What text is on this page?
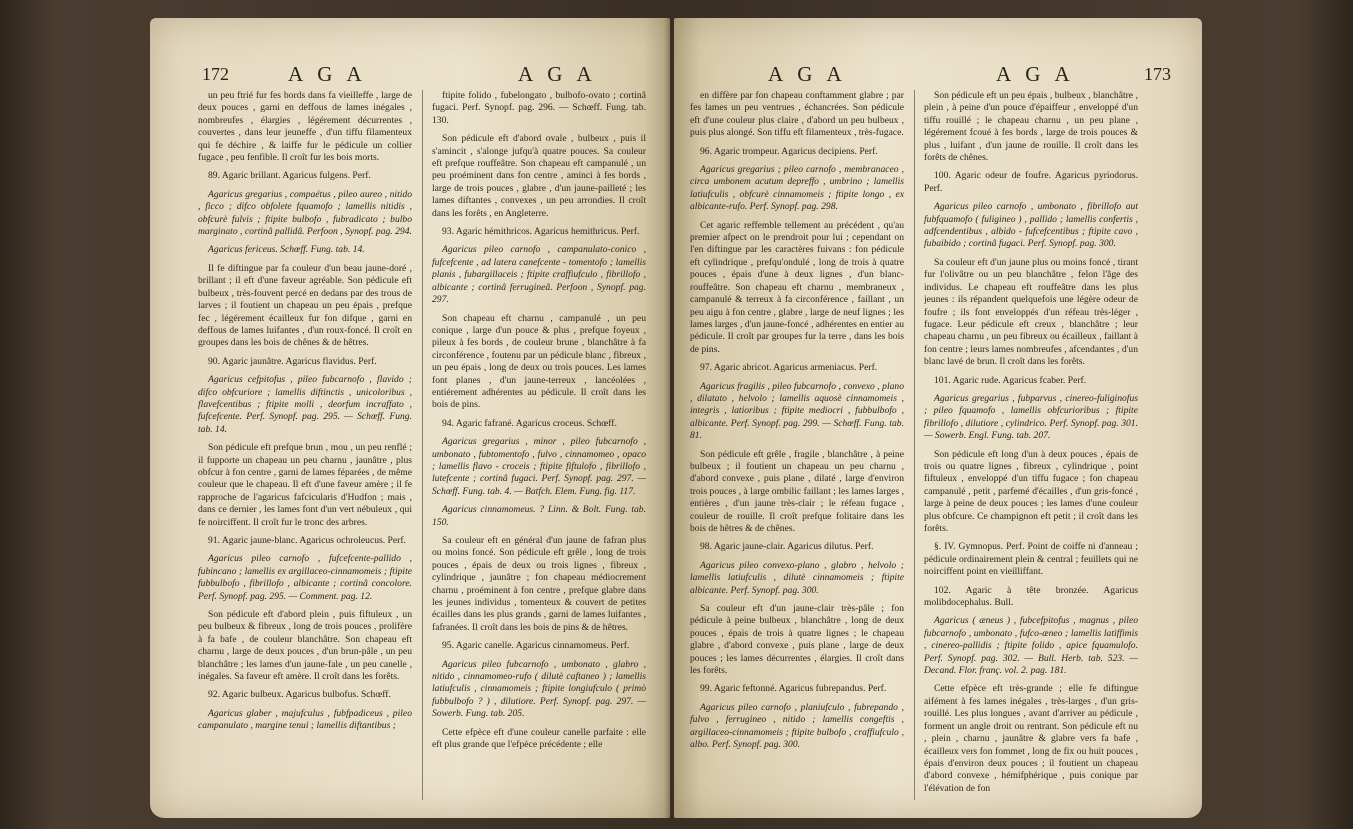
172	A G A	A G A

un peu ftrié fur fes bords dans fa vieilleffe , large de deux pouces , garni en deffous de lames inégales , nombreufes , élargies , légérement décurrentes , couvertes , dans leur jeuneffe , d'un tiffu filamenteux qui fe déchire , & laiffe fur le pédicule un collier fugace , peu fenfible. Il croît fur les bois morts.

89. Agaric brillant. Agaricus fulgens. Perf.

Agaricus gregarius , compaétus , pileo aureo , nitido , ficco ; difco obfolete fquamofo ; lamellis nitidis , obfcurè fulvis ; ftipite bulbofo , fubradicato ; bulbo marginato , cortinâ pallidâ. Perfoon , Synopf. pag. 294.

Agaricus fericeus. Schœff. Fung. tab. 14.

Il fe diftingue par fa couleur d'un beau jaune-doré , brillant ; il eft d'une faveur agréable. Son pédicule eft bulbeux , très-fouvent percé en dedans par des trous de larves ; il foutient un chapeau un peu épais , prefque fec , légérement écailleux fur fon difque , garni en deffous de lames luifantes , d'un roux-foncé. Il croît en groupes dans les bois de chênes & de hêtres.

90. Agaric jaunâtre. Agaricus flavidus. Perf.

Agaricus cefpitofus , pileo fubcarnofo , flavido ; difco obfcuriore ; lamellis diftinctis , unicoloribus , flavefcentibus ; ftipite molli , deorfum incraffato , fufcefcente. Perf. Synopf. pag. 295. — Schœff. Fung. tab. 14.

Son pédicule eft prefque brun , mou , un peu renflé ; il fupporte un chapeau un peu charnu , jaunâtre , plus obfcur à fon centre , garni de lames féparées , de même couleur que le chapeau. Il eft d'une faveur amère ; il fe rapproche de l'agaricus fafcicularis d'Hudfon ; mais , dans ce dernier , les lames font d'un vert nébuleux , qui fe noirciffent. Il croît fur le tronc des arbres.

91. Agaric jaune-blanc. Agaricus ochroleucus. Perf.

Agaricus pileo carnofo , fufcefcente-pallido , fubincano ; lamellis ex argillaceo-cinnamomeis ; ftipite fubbulbofo , fibrillofo , albicante ; cortinâ concolore. Perf. Synopf. pag. 295. — Comment. pag. 12.

Son pédicule eft d'abord plein , puis fiftuleux , un peu bulbeux & fibreux , long de trois pouces , prolifère à fa bafe , de couleur blanchâtre. Son chapeau eft charnu , large de deux pouces , d'un brun-pâle , un peu blanchâtre ; les lames d'un jaune-fale , un peu canelle , inégales. Sa faveur eft amère. Il croît dans les forêts.

92. Agaric bulbeux. Agaricus bulbofus. Schœff.

Agaricus glaber , majufculus , fubfpadiceus , pileo campanulato , margine tenui ; lamellis diftantibus ;

ftipite folido , fubelongato , bulbofo-ovato ; cortinâ fugaci. Perf. Synopf. pag. 296. — Schœff. Fung. tab. 130.

Son pédicule eft d'abord ovale , bulbeux , puis il s'amincit , s'alonge jufqu'à quatre pouces. Sa couleur eft prefque rouffeâtre. Son chapeau eft campanulé , un peu proéminent dans fon centre , aminci à fes bords , large de trois pouces , glabre , d'un jaune-pailleté ; les lames diftantes , convexes , un peu arrondies. Il croît dans les forêts , en Angleterre.

93. Agaric hémithricos. Agaricus hemithricus. Perf.

Agaricus pileo carnofo , campanulato-conico , fufcefcente , ad latera canefcente - tomentofo ; lamellis planis , fubargillaceis ; ftipite craffiufculo , fibrillofo , albicante ; cortinâ ferrugineâ. Perfoon , Synopf. pag. 297.

Son chapeau eft charnu , campanulé , un peu conique , large d'un pouce & plus , prefque foyeux , pileux à fes bords , de couleur brune , blanchâtre à fa circonférence , foutenu par un pédicule blanc , fibreux , un peu épais , long de deux ou trois pouces. Les lames font planes , d'un jaune-terreux , lancéolées , entiérement adhérentes au pédicule. Il croît dans les bois de pins.

94. Agaric fafrané. Agaricus croceus. Schœff.

Agaricus gregarius , minor , pileo fubcarnofo , umbonato , fubtomentofo , fulvo , cinnamomeo , opaco ; lamellis flavo - croceis ; ftipite fiftulofo , fibrillofo , lutefcente ; cortinâ fugaci. Perf. Synopf. pag. 297. — Schœff. Fung. tab. 4. — Batfch. Elem. Fung. fig. 117.

Agaricus cinnamomeus. ? Linn. & Bolt. Fung. tab. 150.

Sa couleur eft en général d'un jaune de fafran plus ou moins foncé. Son pédicule eft grêle , long de trois pouces , épais de deux ou trois lignes , fibreux , cylindrique , jaunâtre ; fon chapeau médiocrement charnu , proéminent à fon centre , prefque glabre dans les jeunes individus , tomenteux & couvert de petites écailles dans les plus grands , garni de lames luifantes , fafranées. Il croît dans les bois de pins & de hêtres.

95. Agaric canelle. Agaricus cinnamomeus. Perf.

Agaricus pileo fubcarnofo , umbonato , glabro , nitido , cinnamomeo-rufo ( dilutè caftaneo ) ; lamellis latiufculis , cinnamomeis ; ftipite longiufculo ( primò fubbulbofo ? ) , dilutiore. Perf. Synopf. pag. 297. — Sowerb. Fung. tab. 205.

Cette efpèce eft d'une couleur canelle parfaite : elle eft plus grande que l'efpèce précédente ; elle

A G A	A G A	173

en diffère par fon chapeau conftamment glabre ; par fes lames un peu ventrues , échancrées. Son pédicule eft d'une couleur plus claire , d'abord un peu bulbeux , puis plus alongé. Son tiffu eft filamenteux , très-fugace.

96. Agaric trompeur. Agaricus decipiens. Perf.

Agaricus gregarius ; pileo carnofo , membranaceo , circa umbonem acutum depreffo , umbrino ; lamellis latiufculis , obfcurè cinnamomeis ; ftipite longo , ex albicante-rufo. Perf. Synopf. pag. 298.

Cet agaric reffemble tellement au précédent , qu'au premier afpect on le prendroit pour lui ; cependant on l'en diftingue par les caractères fuivans : fon pédicule eft cylindrique , prefqu'ondulé , long de trois à quatre pouces , épais d'une à deux lignes , d'un blanc-rouffeâtre. Son chapeau eft charnu , membraneux , campanulé & terreux à fa circonférence , faillant , un peu aigu à fon centre , glabre , large de neuf lignes ; les lames larges , d'un jaune-foncé , adhérentes en entier au pédicule. Il croît par groupes fur la terre , dans les bois de pins.

97. Agaric abricot. Agaricus armeniacus. Perf.

Agaricus fragilis , pileo fubcarnofo , convexo , plano , dilatato , helvolo ; lamellis aquosè cinnamomeis , integris , latioribus ; ftipite mediocri , fubbulbofo , albicante. Perf. Synopf. pag. 299. — Schœff. Fung. tab. 81.

Son pédicule eft grêle , fragile , blanchâtre , à peine bulbeux ; il foutient un chapeau un peu charnu , d'abord convexe , puis plane , dilaté , large d'environ trois pouces , à large ombilic faillant ; les lames larges , entières , d'un jaune très-clair ; le réfeau fugace , couleur de rouille. Il croît prefque folitaire dans les bois de hêtres & de chênes.

98. Agaric jaune-clair. Agaricus dilutus. Perf.

Agaricus pileo convexo-plano , glabro , helvolo ; lamellis latiufculis , dilutè cinnamomeis ; ftipite albicante. Perf. Synopf. pag. 300.

Sa couleur eft d'un jaune-clair très-pâle ; fon pédicule à peine bulbeux , blanchâtre , long de deux pouces , épais de trois à quatre lignes ; le chapeau glabre , d'abord convexe , puis plane , large de deux pouces ; les lames décurrentes , élargies. Il croît dans les forêts.

99. Agaric feftonné. Agaricus fubrepandus. Perf.

Agaricus pileo carnofo , planiufculo , fubrepando , fulvo , ferrugineo , nitido ; lamellis congeftis , argillaceo-cinnamomeis ; ftipite bulbofo , craffiufculo , albo. Perf. Synopf. pag. 300.

Son pédicule eft un peu épais , bulbeux , blanchâtre , plein , à peine d'un pouce d'épaiffeur , enveloppé d'un tiffu rouillé ; le chapeau charnu , un peu plane , légérement fcoué à fes bords , large de trois pouces & plus , luifant , d'un jaune de rouille. Il croît dans les forêts de chênes.

100. Agaric odeur de foufre. Agaricus pyriodorus. Perf.

Agaricus pileo carnofo , umbonato , fibrillofo aut fubfquamofo ( fuligineo ) , pallido ; lamellis confertis , adfcendentibus , albido - fufcefcentibus ; ftipite cavo , fubaibido ; cortinâ fugaci. Perf. Synopf. pag. 300.

Sa couleur eft d'un jaune plus ou moins foncé , tirant fur l'olivâtre ou un peu blanchâtre , felon l'âge des individus. Le chapeau eft rouffeâtre dans les plus jeunes : ils répandent quelquefois une légère odeur de foufre ; ils font enveloppés d'un réfeau très-léger , fugace. Leur pédicule eft creux , blanchâtre ; leur chapeau charnu , un peu fibreux ou écailleux , faillant à fon centre ; leurs lames nombreufes , afcendantes , d'un blanc lavé de brun. Il croît dans les forêts.

101. Agaric rude. Agaricus fcaber. Perf.

Agaricus gregarius , fubparvus , cinereo-fuliginofus ; pileo fquamofo , lamellis obfcurioribus ; ftipite fibrillofo , dilutiore , cylindrico. Perf. Synopf. pag. 301. — Sowerb. Engl. Fung. tab. 207.

Son pédicule eft long d'un à deux pouces , épais de trois ou quatre lignes , fibreux , cylindrique , point fiftuleux , enveloppé d'un tiffu fugace ; fon chapeau campanulé , petit , parfemé d'écailles , d'un gris-foncé , large à peine de deux pouces ; les lames d'une couleur plus obfcure. Ce champignon eft petit ; il croît dans les forêts.

§. IV. Gymnopus. Perf. Point de coiffe ni d'anneau ; pédicule ordinairement plein & central ; feuillets qui ne noirciffent point en vieilliffant.

102. Agaric à tête bronzée. Agaricus molibdocephalus. Bull.

Agaricus ( æneus ) , fubcefpitofus , magnus , pileo fubcarnofo , umbonato , fufco-æneo ; lamellis latiffimis , cinereo-pallidis ; ftipite folido , apice fquamulofo. Perf. Synopf. pag. 302. — Bull. Herb. tab. 523. — Decand. Flor. franç. vol. 2. pag. 181.

Cette efpèce eft très-grande ; elle fe diftingue aifément à fes lames inégales , très-larges , d'un gris-rouillé. Les plus longues , avant d'arriver au pédicule , forment un angle droit ou rentrant. Son pédicule eft nu , plein , charnu , jaunâtre & glabre vers fa bafe , écailleux vers fon fommet , long de fix ou huit pouces , épais d'environ deux pouces ; il foutient un chapeau d'abord convexe , hémifphérique , puis conique par l'élévation de fon
